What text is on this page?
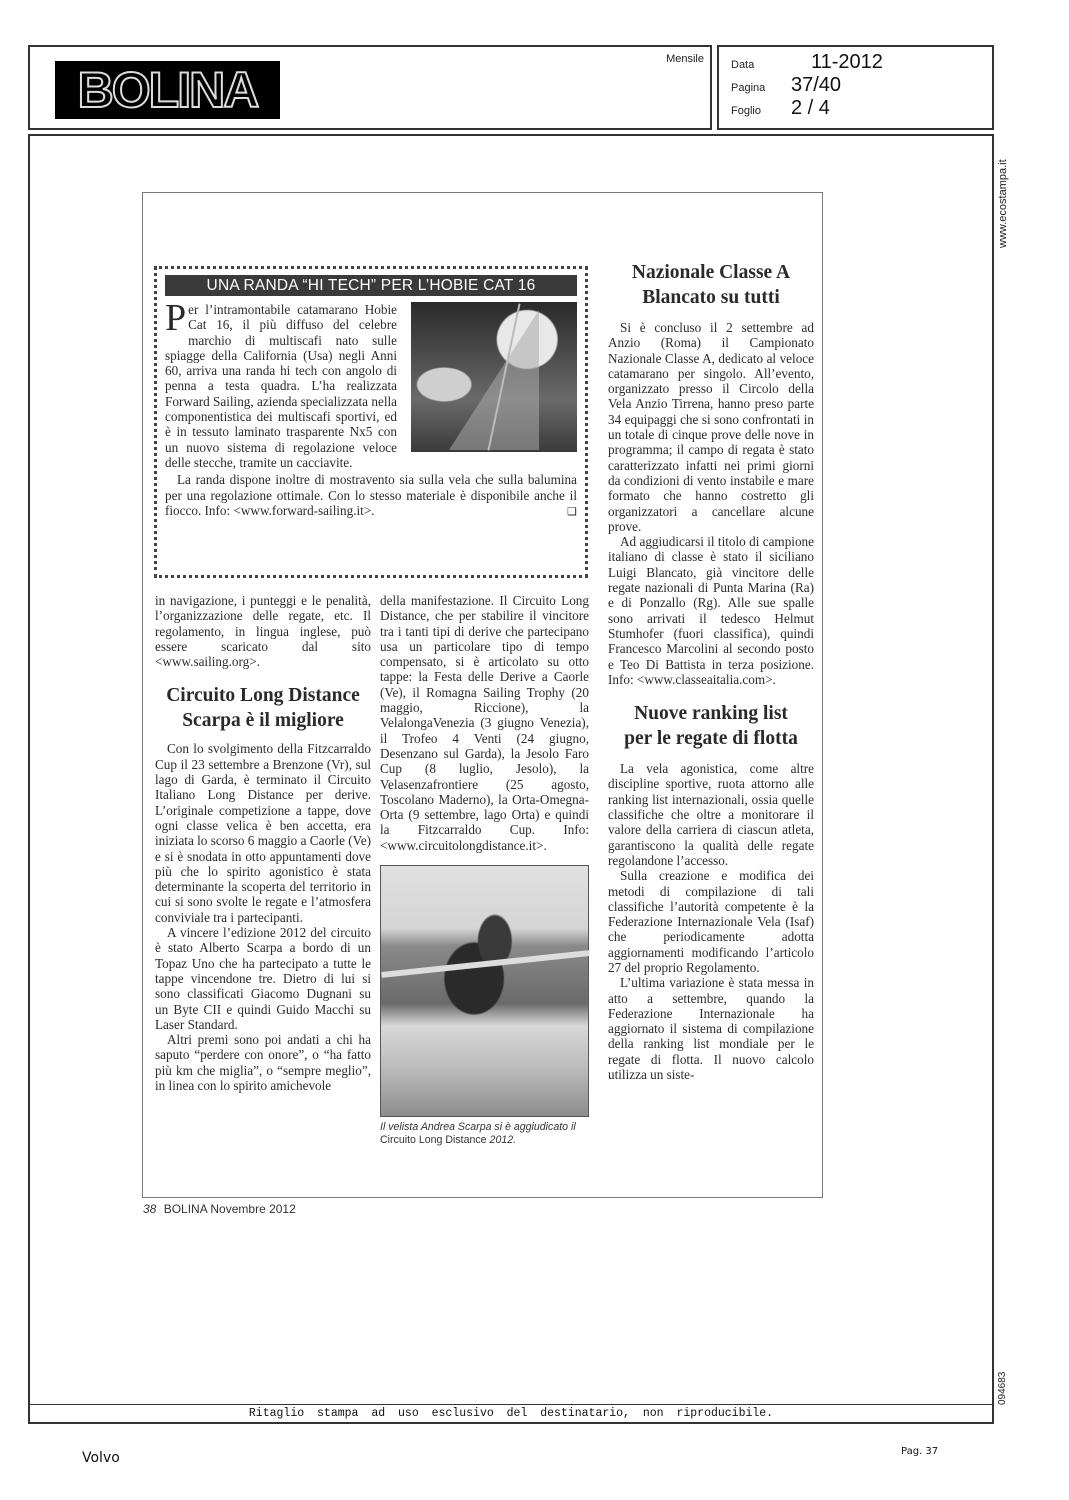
BOLINA
Mensile Data	11-2012
Pagina	37/40
Foglio	2 / 4
www.ecostampa.it
094683
UNA RANDA “HI TECH” PER L’HOBIE CAT 16
Per l’intramontabile catamarano Hobie Cat 16, il più diffuso del celebre marchio di multiscafi nato sulle spiagge della California (Usa) negli Anni 60, arriva una randa hi tech con angolo di penna a testa quadra. L’ha realizzata Forward Sailing, azienda specializzata nella componentistica dei multiscafi sportivi, ed è in tessuto laminato trasparente Nx5 con un nuovo sistema di regolazione veloce delle stecche, tramite un cacciavite.
La randa dispone inoltre di mostravento sia sulla vela che sulla balumina per una regolazione ottimale. Con lo stesso materiale è disponibile anche il fiocco. Info: <www.forward-sailing.it>.	❏

in navigazione, i punteggi e le penalità, l’organizzazione delle regate, etc. Il regolamento, in lingua inglese, può essere scaricato dal sito <www.sailing.org>.

Circuito Long Distance
Scarpa è il migliore

Con lo svolgimento della Fitzcarraldo Cup il 23 settembre a Brenzone (Vr), sul lago di Garda, è terminato il Circuito Italiano Long Distance per derive. L’originale competizione a tappe, dove ogni classe velica è ben accetta, era iniziata lo scorso 6 maggio a Caorle (Ve) e si è snodata in otto appuntamenti dove più che lo spirito agonistico è stata determinante la scoperta del territorio in cui si sono svolte le regate e l’atmosfera conviviale tra i partecipanti.

A vincere l’edizione 2012 del circuito è stato Alberto Scarpa a bordo di un Topaz Uno che ha partecipato a tutte le tappe vincendone tre. Dietro di lui si sono classificati Giacomo Dugnani su un Byte CII e quindi Guido Macchi su Laser Standard.

Altri premi sono poi andati a chi ha saputo “perdere con onore”, o “ha fatto più km che miglia”, o “sempre meglio”, in linea con lo spirito amichevole

della manifestazione. Il Circuito Long Distance, che per stabilire il vincitore tra i tanti tipi di derive che partecipano usa un particolare tipo di tempo compensato, si è articolato su otto tappe: la Festa delle Derive a Caorle (Ve), il Romagna Sailing Trophy (20 maggio, Riccione), la VelalongaVenezia (3 giugno Venezia), il Trofeo 4 Venti (24 giugno, Desenzano sul Garda), la Jesolo Faro Cup (8 luglio, Jesolo), la Velasenzafrontiere (25 agosto, Toscolano Maderno), la Orta-Omegna-Orta (9 settembre, lago Orta) e quindi la Fitzcarraldo Cup. Info: <www.circuitolongdistance.it>.

Il velista Andrea Scarpa si è aggiudicato il Circuito Long Distance 2012.
Nazionale Classe A
Blancato su tutti

Si è concluso il 2 settembre ad Anzio (Roma) il Campionato Nazionale Classe A, dedicato al veloce catamarano per singolo. All’evento, organizzato presso il Circolo della Vela Anzio Tirrena, hanno preso parte 34 equipaggi che si sono confrontati in un totale di cinque prove delle nove in programma; il campo di regata è stato caratterizzato infatti nei primi giorni da condizioni di vento instabile e mare formato che hanno costretto gli organizzatori a cancellare alcune prove.

Ad aggiudicarsi il titolo di campione italiano di classe è stato il siciliano Luigi Blancato, già vincitore delle regate nazionali di Punta Marina (Ra) e di Ponzallo (Rg). Alle sue spalle sono arrivati il tedesco Helmut Stumhofer (fuori classifica), quindi Francesco Marcolini al secondo posto e Teo Di Battista in terza posizione. Info: <www.classeaitalia.com>.

Nuove ranking list
per le regate di flotta

La vela agonistica, come altre discipline sportive, ruota attorno alle ranking list internazionali, ossia quelle classifiche che oltre a monitorare il valore della carriera di ciascun atleta, garantiscono la qualità delle regate regolandone l’accesso.

Sulla creazione e modifica dei metodi di compilazione di tali classifiche l’autorità competente è la Federazione Internazionale Vela (Isaf) che periodicamente adotta aggiornamenti modificando l’articolo 27 del proprio Regolamento.

L’ultima variazione è stata messa in atto a settembre, quando la Federazione Internazionale ha aggiornato il sistema di compilazione della ranking list mondiale per le regate di flotta. Il nuovo calcolo utilizza un siste-

38 BOLINA Novembre 2012
Ritaglio stampa ad uso esclusivo del destinatario, non riproducibile.
Volvo	Pag. 37
